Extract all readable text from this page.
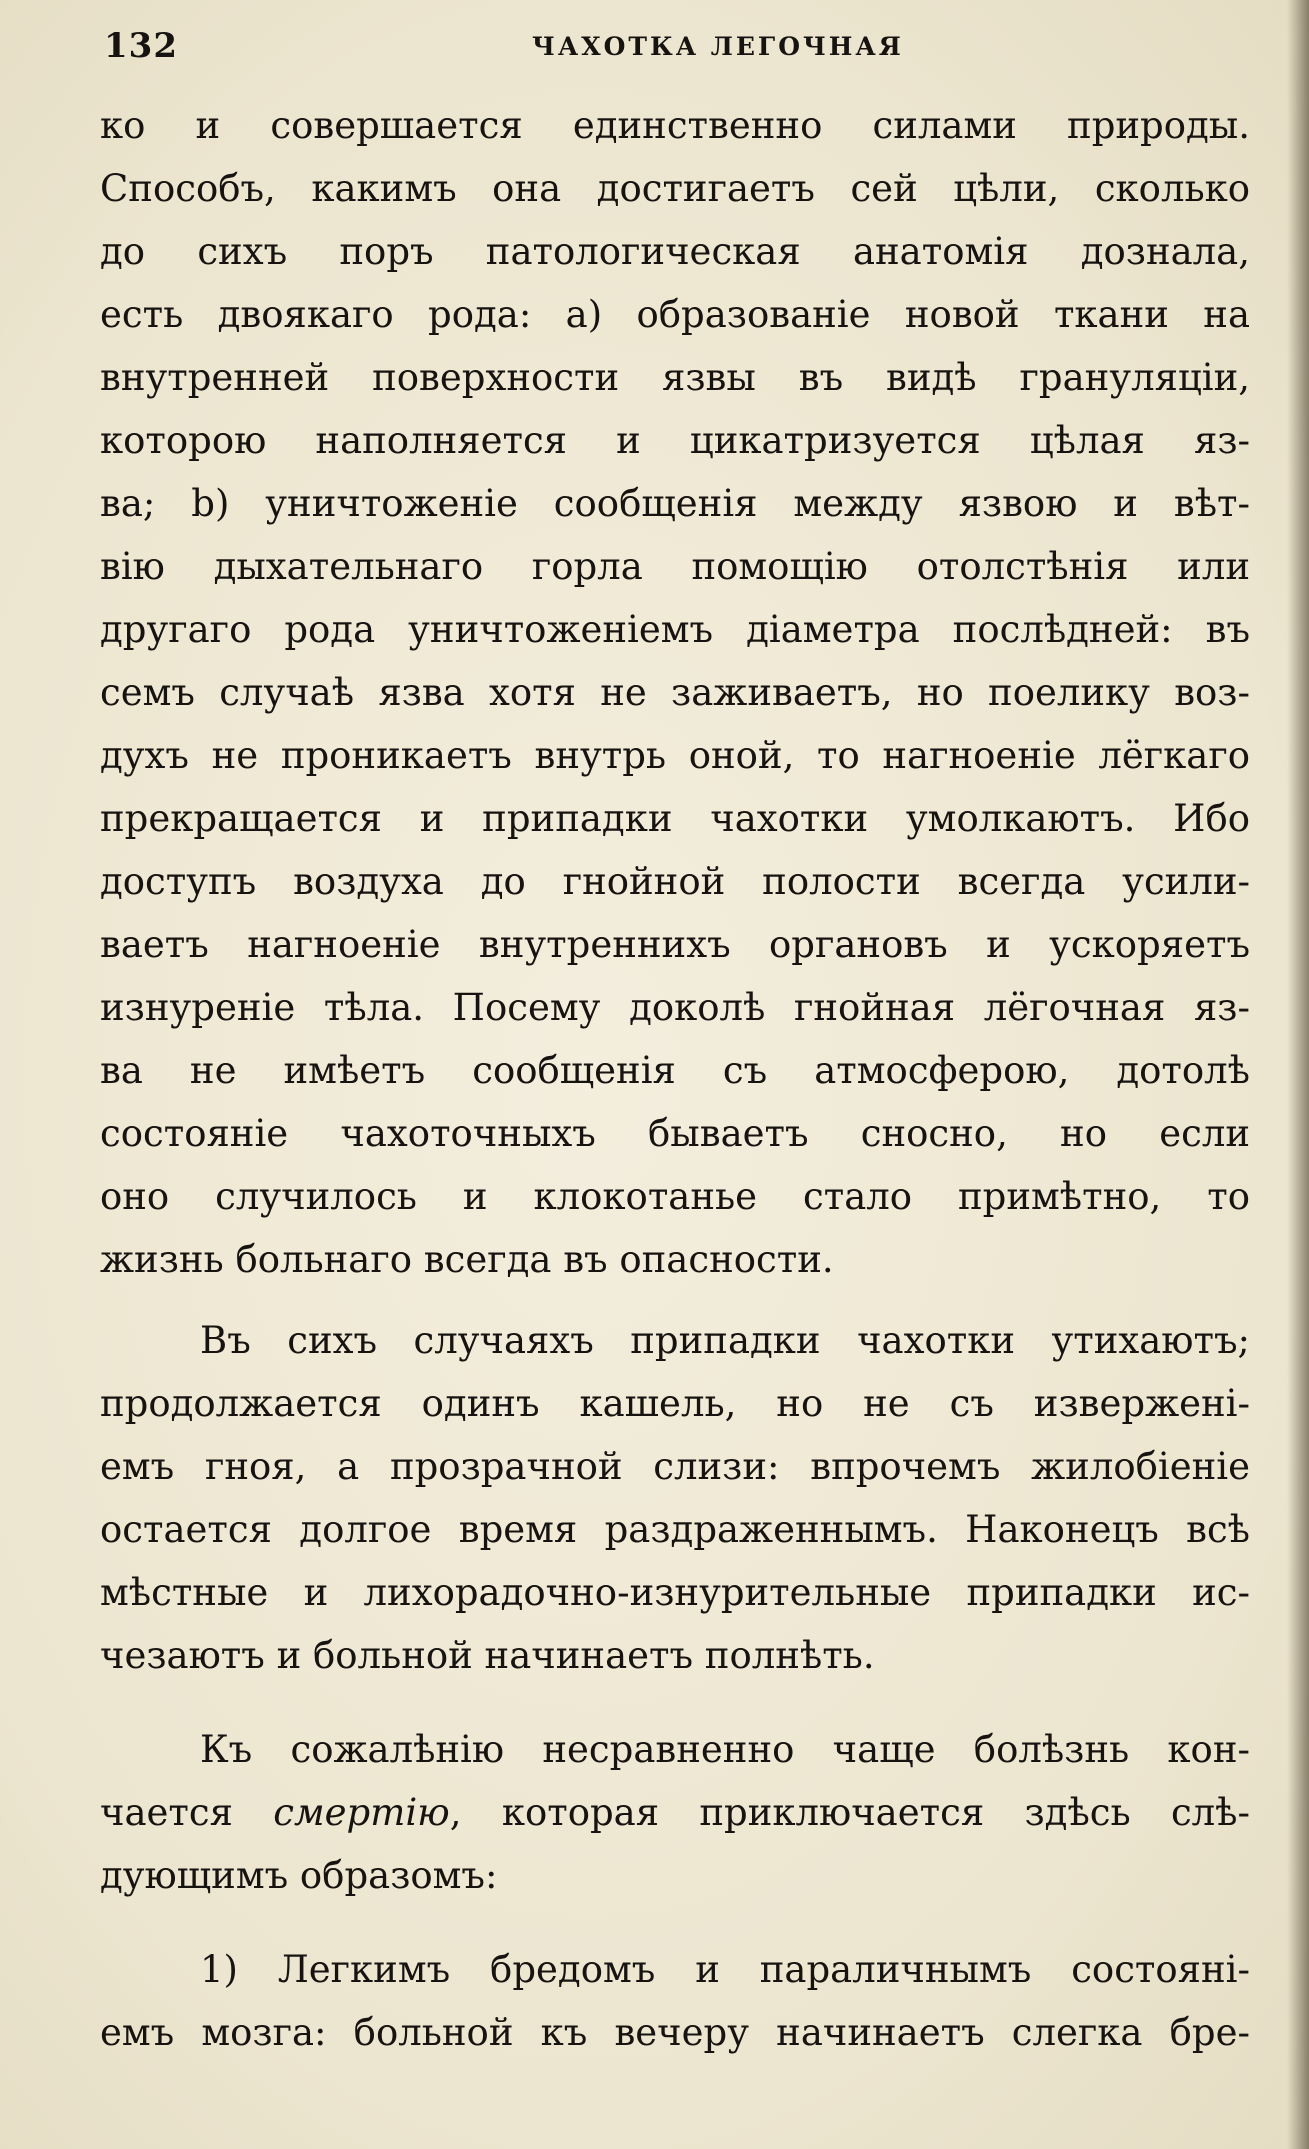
132	ЧАХОТКА ЛЕГОЧНАЯ
ко и совершается единственно силами природы.
Способъ, какимъ она достигаетъ сей цѣли, сколько
до сихъ поръ патологическая анатомія дознала,
есть двоякаго рода: а) образованіе новой ткани на
внутренней поверхности язвы въ видѣ грануляціи,
которою наполняется и цикатризуется цѣлая яз-
ва; b) уничтоженіе сообщенія между язвою и вѣт-
вію дыхательнаго горла помощію отолстѣнія или
другаго рода уничтоженіемъ діаметра послѣдней: въ
семъ случаѣ язва хотя не заживаетъ, но поелику воз-
духъ не проникаетъ внутрь оной, то нагноеніе лёгкаго
прекращается и припадки чахотки умолкаютъ. Ибо
доступъ воздуха до гнойной полости всегда усили-
ваетъ нагноеніе внутреннихъ органовъ и ускоряетъ
изнуреніе тѣла. Посему доколѣ гнойная лёгочная яз-
ва не имѣетъ сообщенія съ атмосферою, дотолѣ
состояніе чахоточныхъ бываетъ сносно, но если
оно случилось и клокотанье стало примѣтно, то
жизнь больнаго всегда въ опасности.
Въ сихъ случаяхъ припадки чахотки утихаютъ;
продолжается одинъ кашель, но не съ изверженi-
емъ гноя, а прозрачной слизи: впрочемъ жилобіеніе
остается долгое время раздраженнымъ. Наконецъ всѣ
мѣстные и лихорадочно-изнурительные припадки ис-
чезаютъ и больной начинаетъ полнѣть.
Къ сожалѣнію несравненно чаще болѣзнь кон-
чается смертію, которая приключается здѣсь слѣ-
дующимъ образомъ:
1) Легкимъ бредомъ и параличнымъ состояні-
емъ мозга: больной къ вечеру начинаетъ слегка бре-
